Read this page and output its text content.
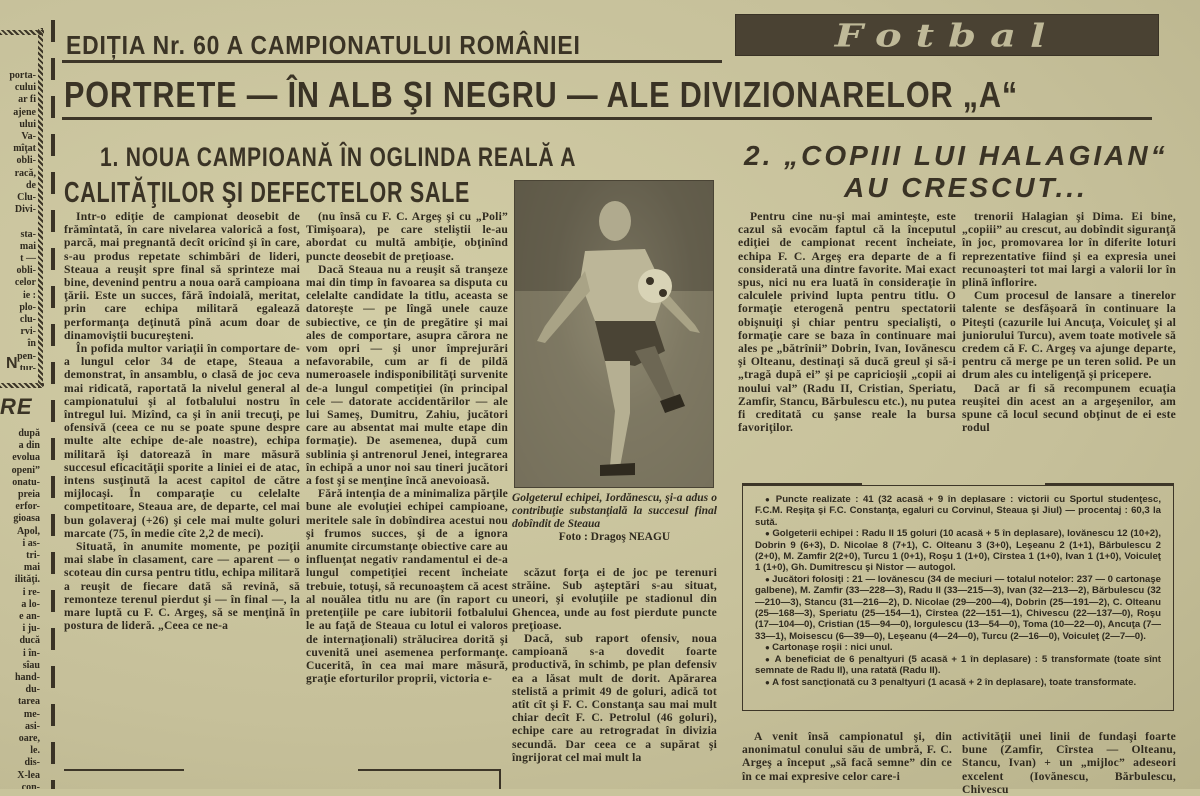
porta-
cului
ar fi
ajene
ului
Va-
mîţat
obli-
racă,
de
Clu-
Divi-

sta-
mai
t —
obli-
celor
ie :
plo-
clu-
rvi-
în
pen-
tur-
N
RE
după
a din
evolua
openi”
onatu-
preia
erfor-
gioasa
Apol,
i as-
tri-
mai
ilităţi.
i re-
a lo-
e an-
i ju-
ducă
i în-
sîau
hand-
du-
tarea
me-
asi-
oare,
le.
dis-
X-lea
con-
EDIȚIA Nr. 60 A CAMPIONATULUI ROMÂNIEI	Fotbal
PORTRETE — ÎN ALB ŞI NEGRU — ALE DIVIZIONARELOR „A“
1. NOUA CAMPIOANĂ ÎN OGLINDA REALĂ A
CALITĂŢILOR ŞI DEFECTELOR SALE

Intr-o ediţie de campionat deosebit de frămîntată, în care nivelarea valorică a fost, parcă, mai pregnantă decît oricînd şi în care, s-au produs repetate schimbări de lideri, Steaua a reuşit spre final să sprinteze mai bine, devenind pentru a noua oară campioana ţării. Este un succes, fără îndoială, meritat, prin care echipa militară egalează performanţa deţinută pînă acum doar de dinamoviştii bucureşteni.

În pofida multor variaţii în comportare de-a lungul celor 34 de etape, Steaua a demonstrat, în ansamblu, o clasă de joc ceva mai ridicată, raportată la nivelul general al campionatului şi al fotbalului nostru în întregul lui. Mizînd, ca şi în anii trecuţi, pe ofensivă (ceea ce nu se poate spune despre multe alte echipe de-ale noastre), echipa militară îşi datorează în mare măsură succesul eficacităţii sporite a liniei ei de atac, intens susţinută la acest capitol de către mijlocaşi. În comparaţie cu celelalte competitoare, Steaua are, de departe, cel mai bun golaveraj (+26) şi cele mai multe goluri marcate (75, în medie cîte 2,2 de meci).

Situată, în anumite momente, pe poziţii mai slabe în clasament, care — aparent — o scoteau din cursa pentru titlu, echipa militară a reuşit de fiecare dată să revină, să remonteze terenul pierdut şi — în final —, la mare luptă cu F. C. Argeş, să se menţină în postura de lideră. „Ceea ce ne-a

(nu însă cu F. C. Argeş şi cu „Poli” Timişoara), pe care steliştii le-au abordat cu multă ambiţie, obţinînd puncte deosebit de preţioase.

Dacă Steaua nu a reuşit să tranşeze mai din timp în favoarea sa disputa cu celelalte candidate la titlu, aceasta se datoreşte — pe lîngă unele cauze subiective, ce ţin de pregătire şi mai ales de comportare, asupra cărora ne vom opri — şi unor împrejurări nefavorabile, cum ar fi de pildă numeroasele indisponibilităţi survenite de-a lungul competiţiei (în principal cele — datorate accidentărilor — ale lui Sameş, Dumitru, Zahiu, jucători care au absentat mai multe etape din formaţie). De asemenea, după cum sublinia şi antrenorul Jenei, integrarea în echipă a unor noi sau tineri jucători a fost şi se menţine încă anevoioasă.

Fără intenţia de a minimaliza părţile bune ale evoluţiei echipei campioane, meritele sale în dobîndirea acestui nou şi frumos succes, şi de a ignora anumite circumstanţe obiective care au influenţat negativ randamentul ei de-a lungul competiţiei recent încheiate trebuie, totuşi, să recunoaştem că acest al nouălea titlu nu are (în raport cu pretenţiile pe care iubitorii fotbalului le au faţă de Steaua cu lotul ei valoros de internaţionali) strălucirea dorită şi cuvenită unei asemenea performanţe. Cucerită, în cea mai mare măsură, graţie eforturilor proprii, victoria e-

Golgeterul echipei, Iordănescu, şi-a adus o contribuţie substanţială la succesul final dobîndit de Steaua
Foto : Dragoş NEAGU

scăzut forţa ei de joc pe terenuri străine. Sub aşteptări s-au situat, uneori, şi evoluţiile pe stadionul din Ghencea, unde au fost pierdute puncte preţioase.

Dacă, sub raport ofensiv, noua campioană s-a dovedit foarte productivă, în schimb, pe plan defensiv ea a lăsat mult de dorit. Apărarea stelistă a primit 49 de goluri, adică tot atît cît şi F. C. Constanţa sau mai mult chiar decît F. C. Petrolul (46 goluri), echipe care au retrogradat în divizia secundă. Dar ceea ce a supărat şi îngrijorat cel mai mult la

2. „COPIII LUI HALAGIAN“
AU CRESCUT...

Pentru cine nu-şi mai aminteşte, este cazul să evocăm faptul că la începutul ediţiei de campionat recent încheiate, echipa F. C. Argeş era departe de a fi considerată una dintre favorite. Mai exact spus, nici nu era luată în consideraţie în calculele privind lupta pentru titlu. O formaţie eterogenă pentru spectatorii obişnuiţi şi chiar pentru specialişti, o formaţie care se baza în continuare mai ales pe „bătrînii” Dobrin, Ivan, Iovănescu şi Olteanu, destinaţi să ducă greul şi să-i „tragă după ei” şi pe capricioşii „copii ai noului val” (Radu II, Cristian, Speriatu, Zamfir, Stancu, Bărbulescu etc.), nu putea fi creditată cu şanse reale la bursa favoriţilor.

trenorii Halagian şi Dima. Ei bine, „copiii” au crescut, au dobîndit siguranţă în joc, promovarea lor în diferite loturi reprezentative fiind şi ea expresia unei recunoaşteri tot mai largi a valorii lor în plină înflorire.

Cum procesul de lansare a tinerelor talente se desfăşoară în continuare la Piteşti (cazurile lui Ancuţa, Voiculeţ şi al juniorului Turcu), avem toate motivele să credem că F. C. Argeş va ajunge departe, pentru că merge pe un teren solid. Pe un drum ales cu inteligenţă şi pricepere.

Dacă ar fi să recompunem ecuaţia reuşitei din acest an a argeşenilor, am spune că locul secund obţinut de ei este rodul

● Puncte realizate : 41 (32 acasă + 9 în deplasare : victorii cu Sportul studenţesc, F.C.M. Reşiţa şi F.C. Constanţa, egaluri cu Corvinul, Steaua şi Jiul) — procentaj : 60,3 la sută.

● Golgeterii echipei : Radu II 15 goluri (10 acasă + 5 în deplasare), Iovănescu 12 (10+2), Dobrin 9 (6+3), D. Nicolae 8 (7+1), C. Olteanu 3 (3+0), Leşeanu 2 (1+1), Bărbulescu 2 (2+0), M. Zamfir 2(2+0), Turcu 1 (0+1), Roşu 1 (1+0), Cîrstea 1 (1+0), Ivan 1 (1+0), Voiculeţ 1 (1+0), Gh. Dumitrescu şi Nistor — autogol.

● Jucători folosiţi : 21 — Iovănescu (34 de meciuri — totalul notelor: 237 — 0 cartonaşe galbene), M. Zamfir (33—228—3), Radu II (33—215—3), Ivan (32—213—2), Bărbulescu (32—210—3), Stancu (31—216—2), D. Nicolae (29—200—4), Dobrin (25—191—2), C. Olteanu (25—168—3), Speriatu (25—154—1), Cîrstea (22—151—1), Chivescu (22—137—0), Roşu (17—104—0), Cristian (15—94—0), Iorgulescu (13—54—0), Toma (10—22—0), Ancuţa (7—33—1), Moisescu (6—39—0), Leşeanu (4—24—0), Turcu (2—16—0), Voiculeţ (2—7—0).

● Cartonaşe roşii : nici unul.

● A beneficiat de 6 penaltyuri (5 acasă + 1 în deplasare) : 5 transformate (toate sînt semnate de Radu II), una ratată (Radu II).

● A fost sancţionată cu 3 penaltyuri (1 acasă + 2 în deplasare), toate transformate.

A venit însă campionatul şi, din anonimatul conului său de umbră, F. C. Argeş a început „să facă semne” din ce în ce mai expresive celor care-i

activităţii unei linii de fundaşi foarte bune (Zamfir, Cîrstea — Olteanu, Stancu, Ivan) + un „mijloc” adeseori excelent (Iovănescu, Bărbulescu, Chivescu
